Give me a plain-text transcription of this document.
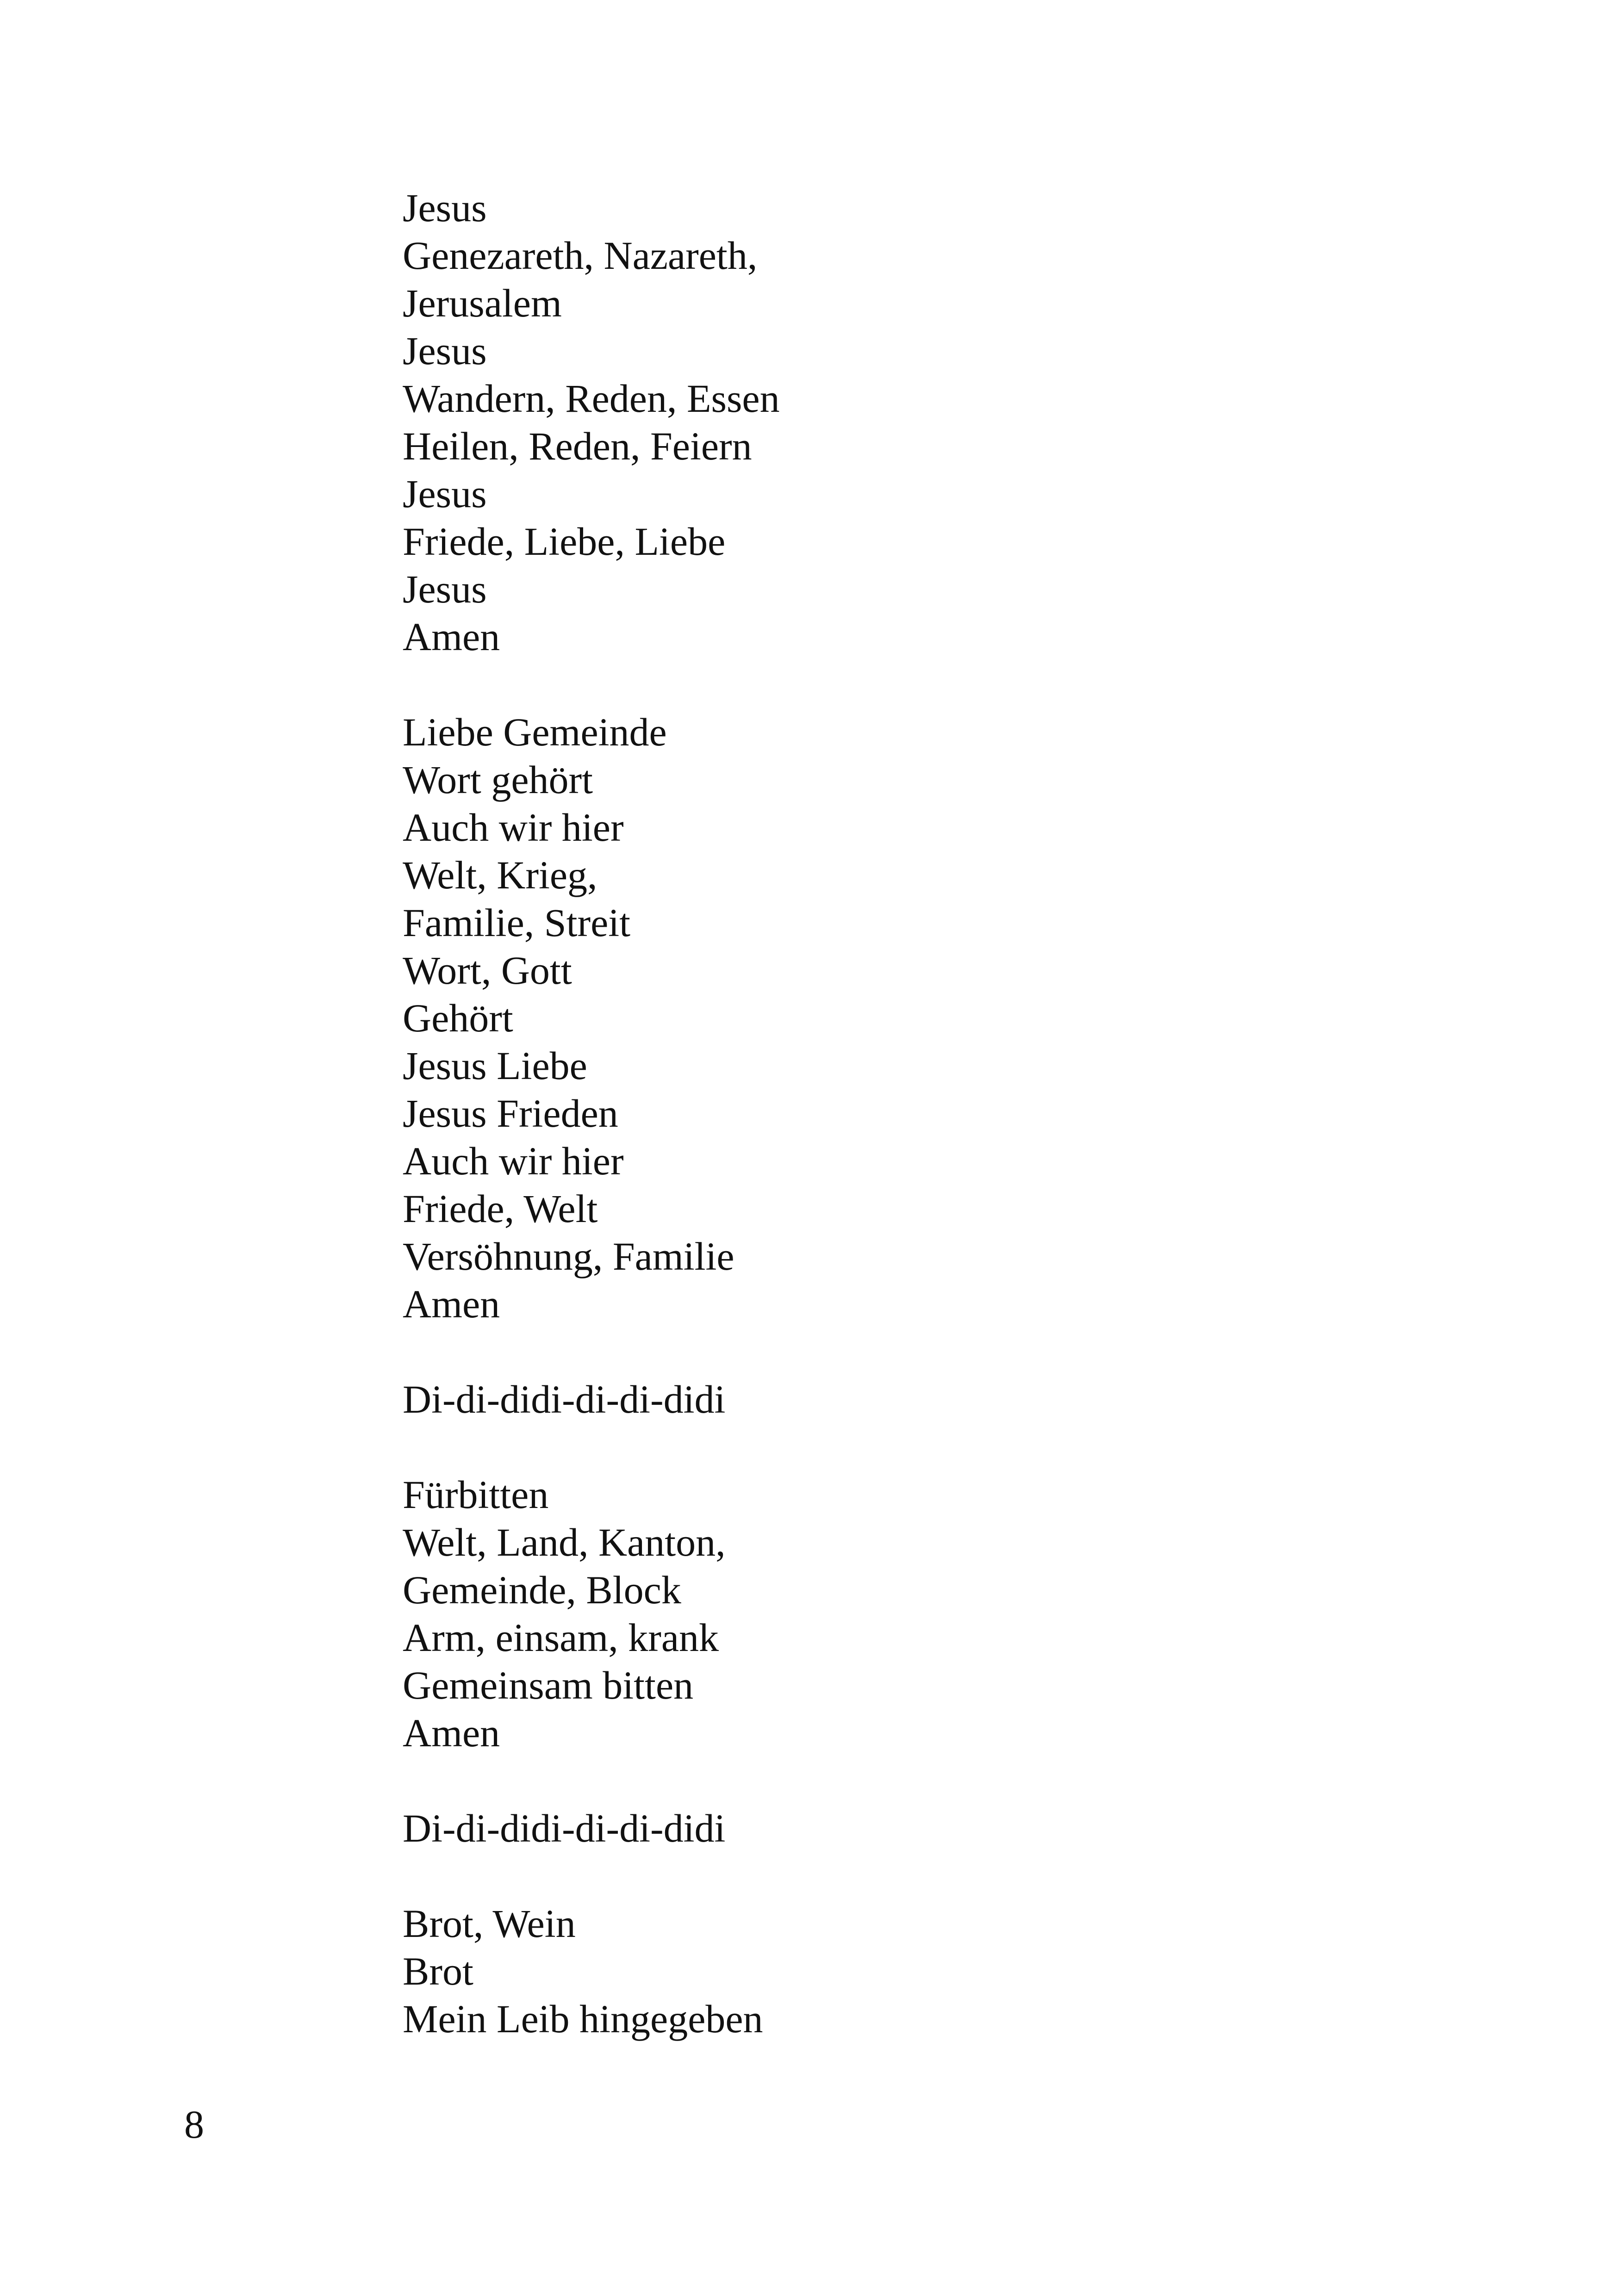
Jesus
Genezareth, Nazareth,
Jerusalem
Jesus
Wandern, Reden, Essen
Heilen, Reden, Feiern
Jesus
Friede, Liebe, Liebe
Jesus
Amen
Liebe Gemeinde
Wort gehört
Auch wir hier
Welt, Krieg,
Familie, Streit
Wort, Gott
Gehört
Jesus Liebe
Jesus Frieden
Auch wir hier
Friede, Welt
Versöhnung, Familie
Amen
Di-di-didi-di-di-didi
Fürbitten
Welt, Land, Kanton,
Gemeinde, Block
Arm, einsam, krank
Gemeinsam bitten
Amen
Di-di-didi-di-di-didi
Brot, Wein
Brot
Mein Leib hingegeben
8
